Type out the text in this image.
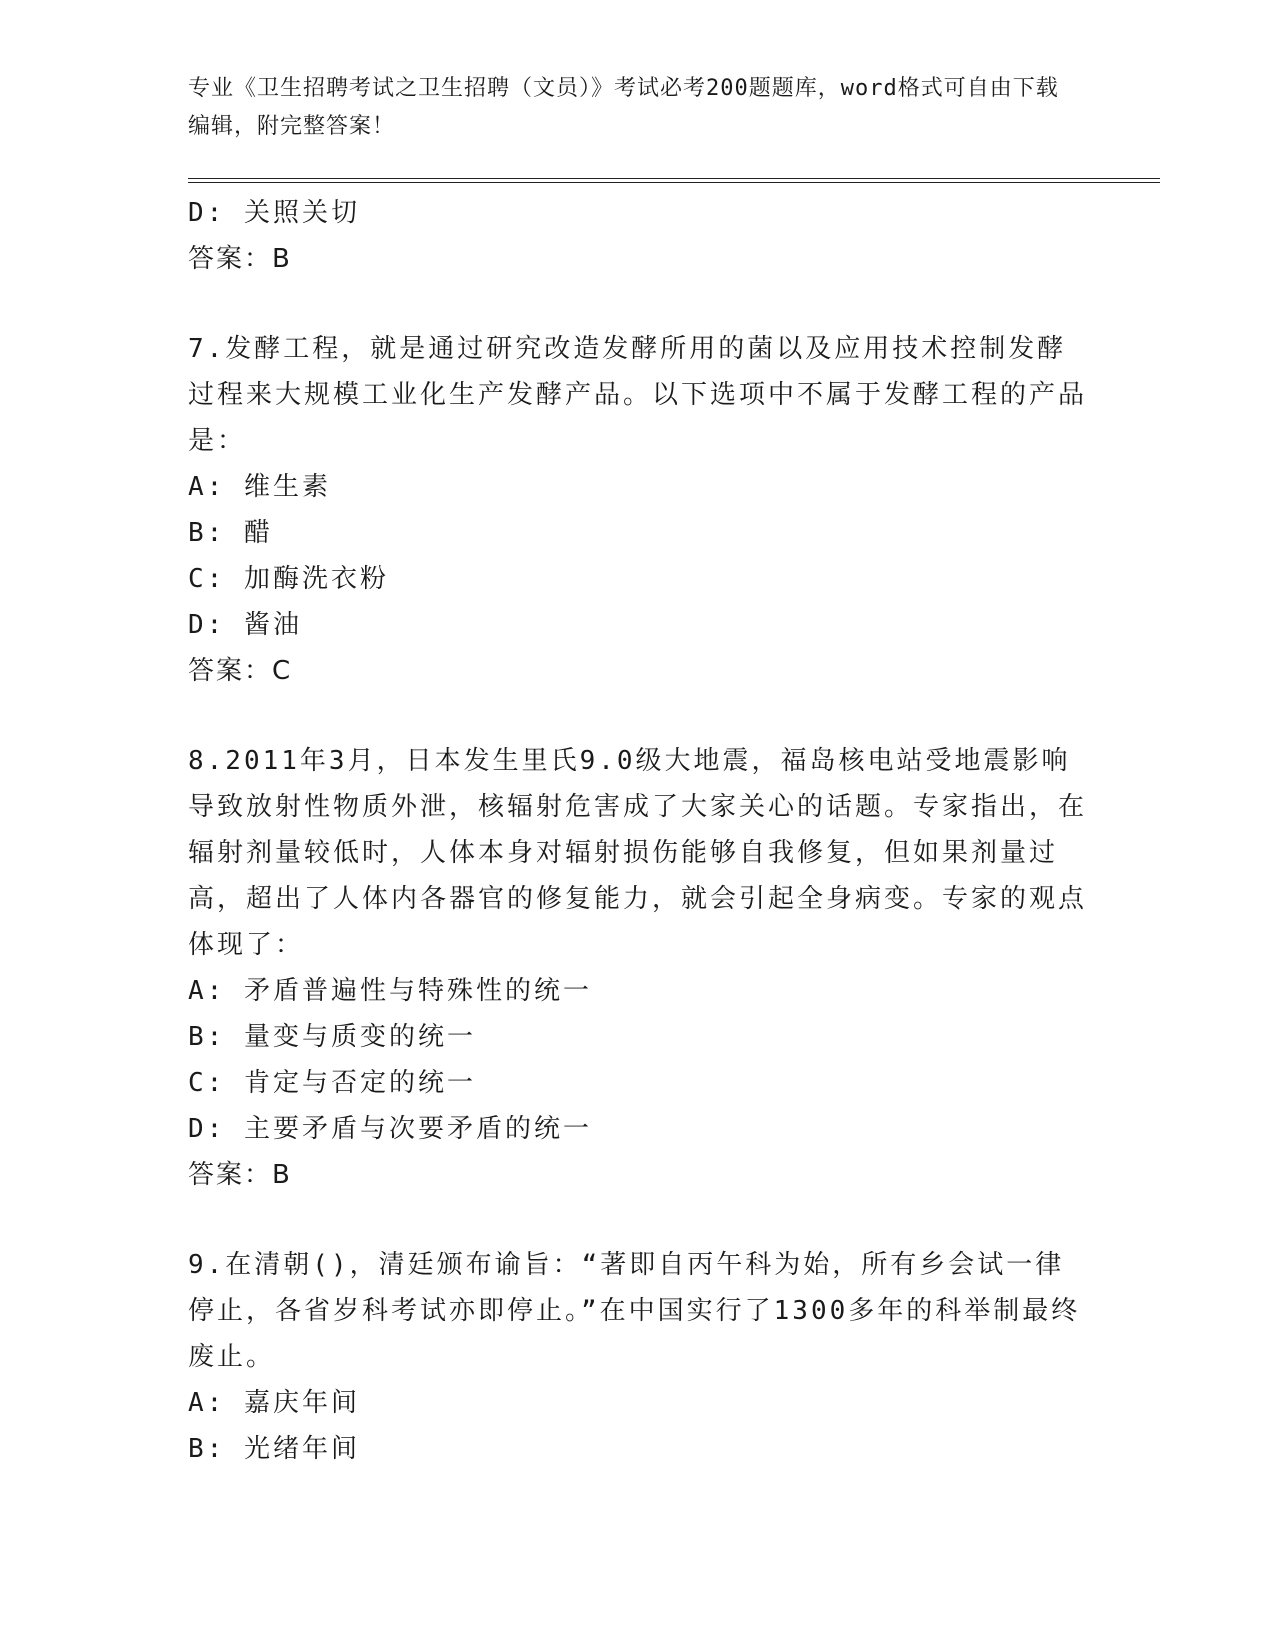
专业《卫生招聘考试之卫生招聘（文员）》考试必考200题题库，word格式可自由下载编辑，附完整答案！

D: 关照关切

答案：B

7.发酵工程，就是通过研究改造发酵所用的菌以及应用技术控制发酵过程来大规模工业化生产发酵产品。以下选项中不属于发酵工程的产品是：

A: 维生素

B: 醋

C: 加酶洗衣粉

D: 酱油

答案：C

8.2011年3月，日本发生里氏9.0级大地震，福岛核电站受地震影响导致放射性物质外泄，核辐射危害成了大家关心的话题。专家指出，在辐射剂量较低时，人体本身对辐射损伤能够自我修复，但如果剂量过高，超出了人体内各器官的修复能力，就会引起全身病变。专家的观点体现了：

A: 矛盾普遍性与特殊性的统一

B: 量变与质变的统一

C: 肯定与否定的统一

D: 主要矛盾与次要矛盾的统一

答案：B

9.在清朝()，清廷颁布谕旨：“著即自丙午科为始，所有乡会试一律停止，各省岁科考试亦即停止。”在中国实行了1300多年的科举制最终废止。

A: 嘉庆年间

B: 光绪年间
